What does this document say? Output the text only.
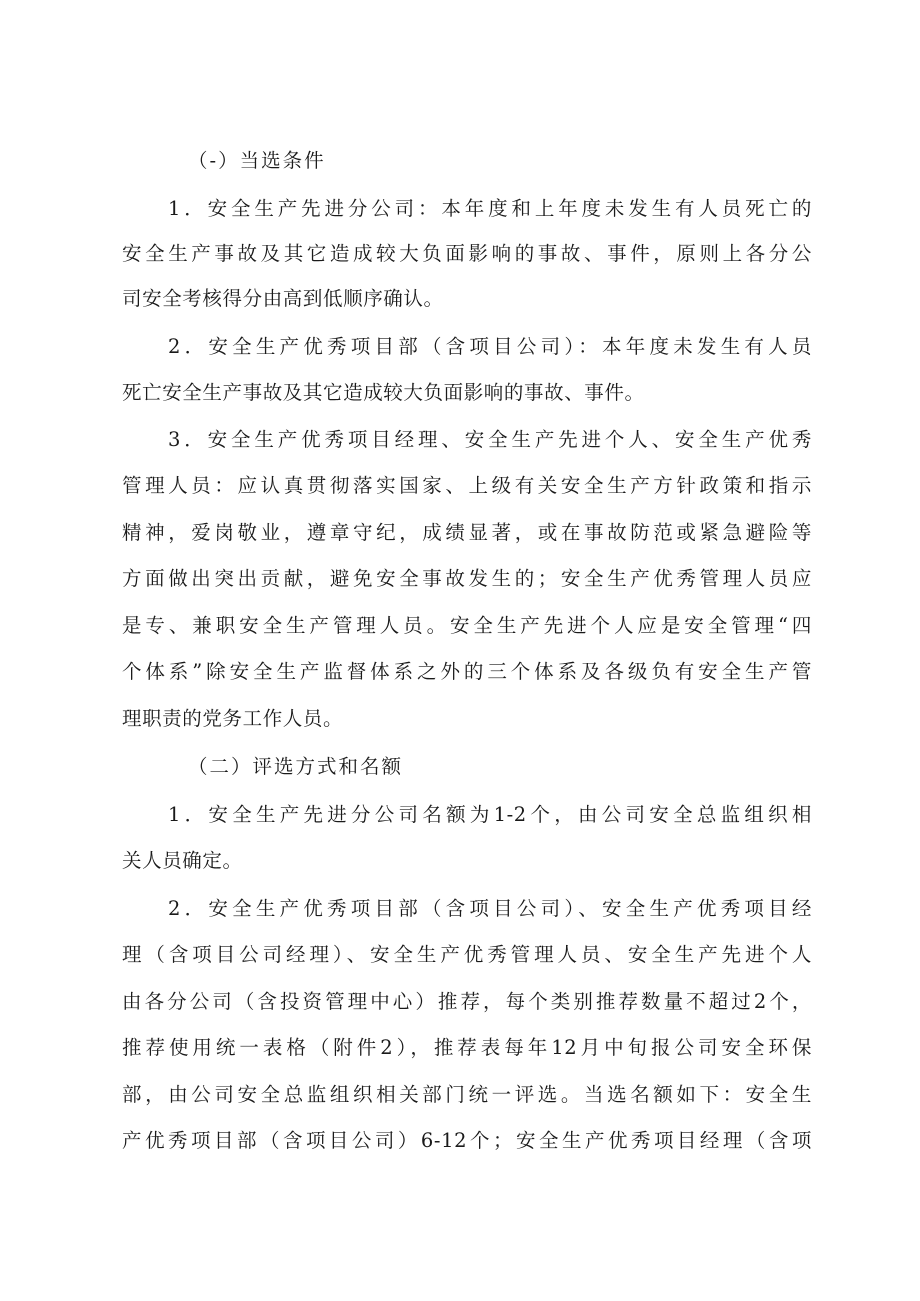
（-）当选条件
1．安全生产先进分公司：本年度和上年度未发生有人员死亡的
安全生产事故及其它造成较大负面影响的事故、事件，原则上各分公
司安全考核得分由高到低顺序确认。
2．安全生产优秀项目部（含项目公司）：本年度未发生有人员
死亡安全生产事故及其它造成较大负面影响的事故、事件。
3．安全生产优秀项目经理、安全生产先进个人、安全生产优秀
管理人员：应认真贯彻落实国家、上级有关安全生产方针政策和指示
精神，爱岗敬业，遵章守纪，成绩显著，或在事故防范或紧急避险等
方面做出突出贡献，避免安全事故发生的；安全生产优秀管理人员应
是专、兼职安全生产管理人员。安全生产先进个人应是安全管理“四
个体系”除安全生产监督体系之外的三个体系及各级负有安全生产管
理职责的党务工作人员。
（二）评选方式和名额
1．安全生产先进分公司名额为1-2个，由公司安全总监组织相
关人员确定。
2．安全生产优秀项目部（含项目公司）、安全生产优秀项目经
理（含项目公司经理）、安全生产优秀管理人员、安全生产先进个人
由各分公司（含投资管理中心）推荐，每个类别推荐数量不超过2个，
推荐使用统一表格（附件2），推荐表每年12月中旬报公司安全环保
部，由公司安全总监组织相关部门统一评选。当选名额如下：安全生
产优秀项目部（含项目公司）6-12个；安全生产优秀项目经理（含项
